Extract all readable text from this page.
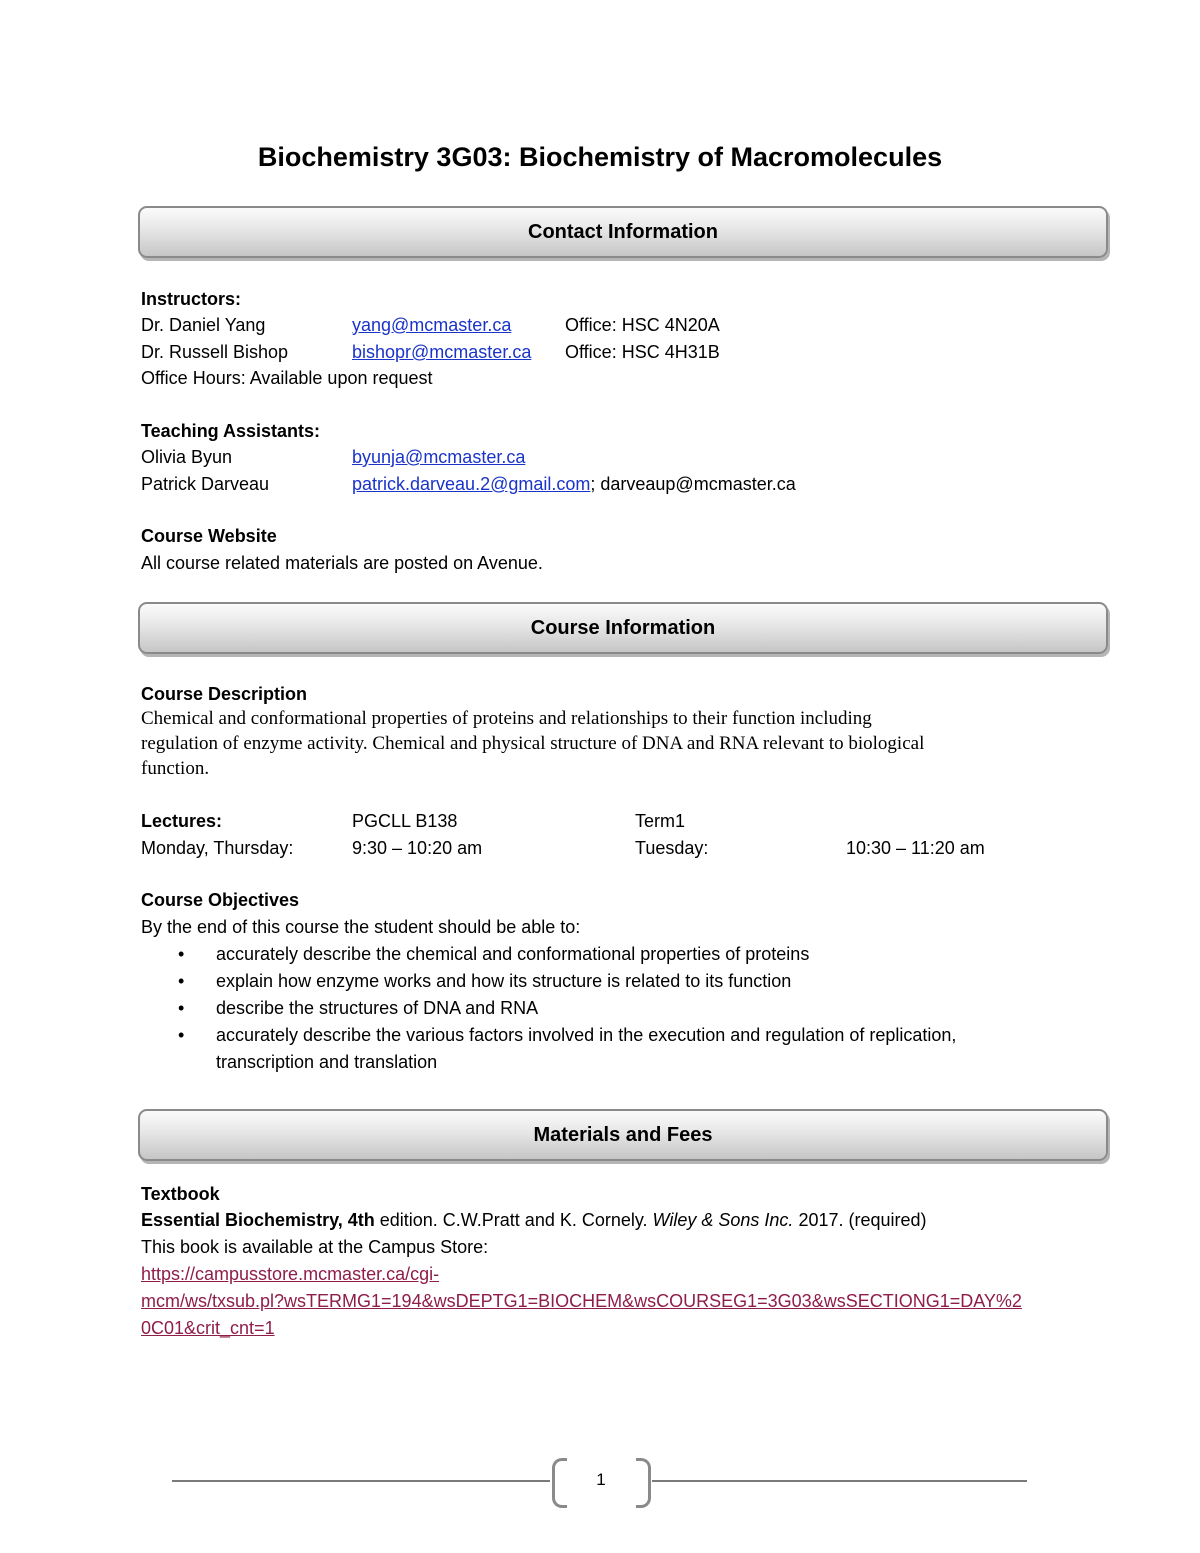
Biochemistry 3G03: Biochemistry of Macromolecules
Contact Information
Instructors:
Dr. Daniel Yang	yang@mcmaster.ca	Office: HSC 4N20A
Dr. Russell Bishop	bishopr@mcmaster.ca Office: HSC 4H31B
Office Hours: Available upon request
Teaching Assistants:
Olivia Byun	byunja@mcmaster.ca
Patrick Darveau	patrick.darveau.2@gmail.com; darveaup@mcmaster.ca
Course Website
All course related materials are posted on Avenue.
Course Information
Course Description
Chemical and conformational properties of proteins and relationships to their function including
regulation of enzyme activity. Chemical and physical structure of DNA and RNA relevant to biological
function.
Lectures:	PGCLL B138	Term1
Monday, Thursday:	9:30 – 10:20 am	Tuesday:	10:30 – 11:20 am
Course Objectives
By the end of this course the student should be able to:
• accurately describe the chemical and conformational properties of proteins
• explain how enzyme works and how its structure is related to its function
• describe the structures of DNA and RNA
• accurately describe the various factors involved in the execution and regulation of replication, transcription and translation
Materials and Fees
Textbook
Essential Biochemistry, 4th edition. C.W.Pratt and K. Cornely. Wiley & Sons Inc. 2017. (required)
This book is available at the Campus Store:
https://campusstore.mcmaster.ca/cgi-
mcm/ws/txsub.pl?wsTERMG1=194&wsDEPTG1=BIOCHEM&wsCOURSEG1=3G03&wsSECTIONG1=DAY%2
0C01&crit_cnt=1
1
